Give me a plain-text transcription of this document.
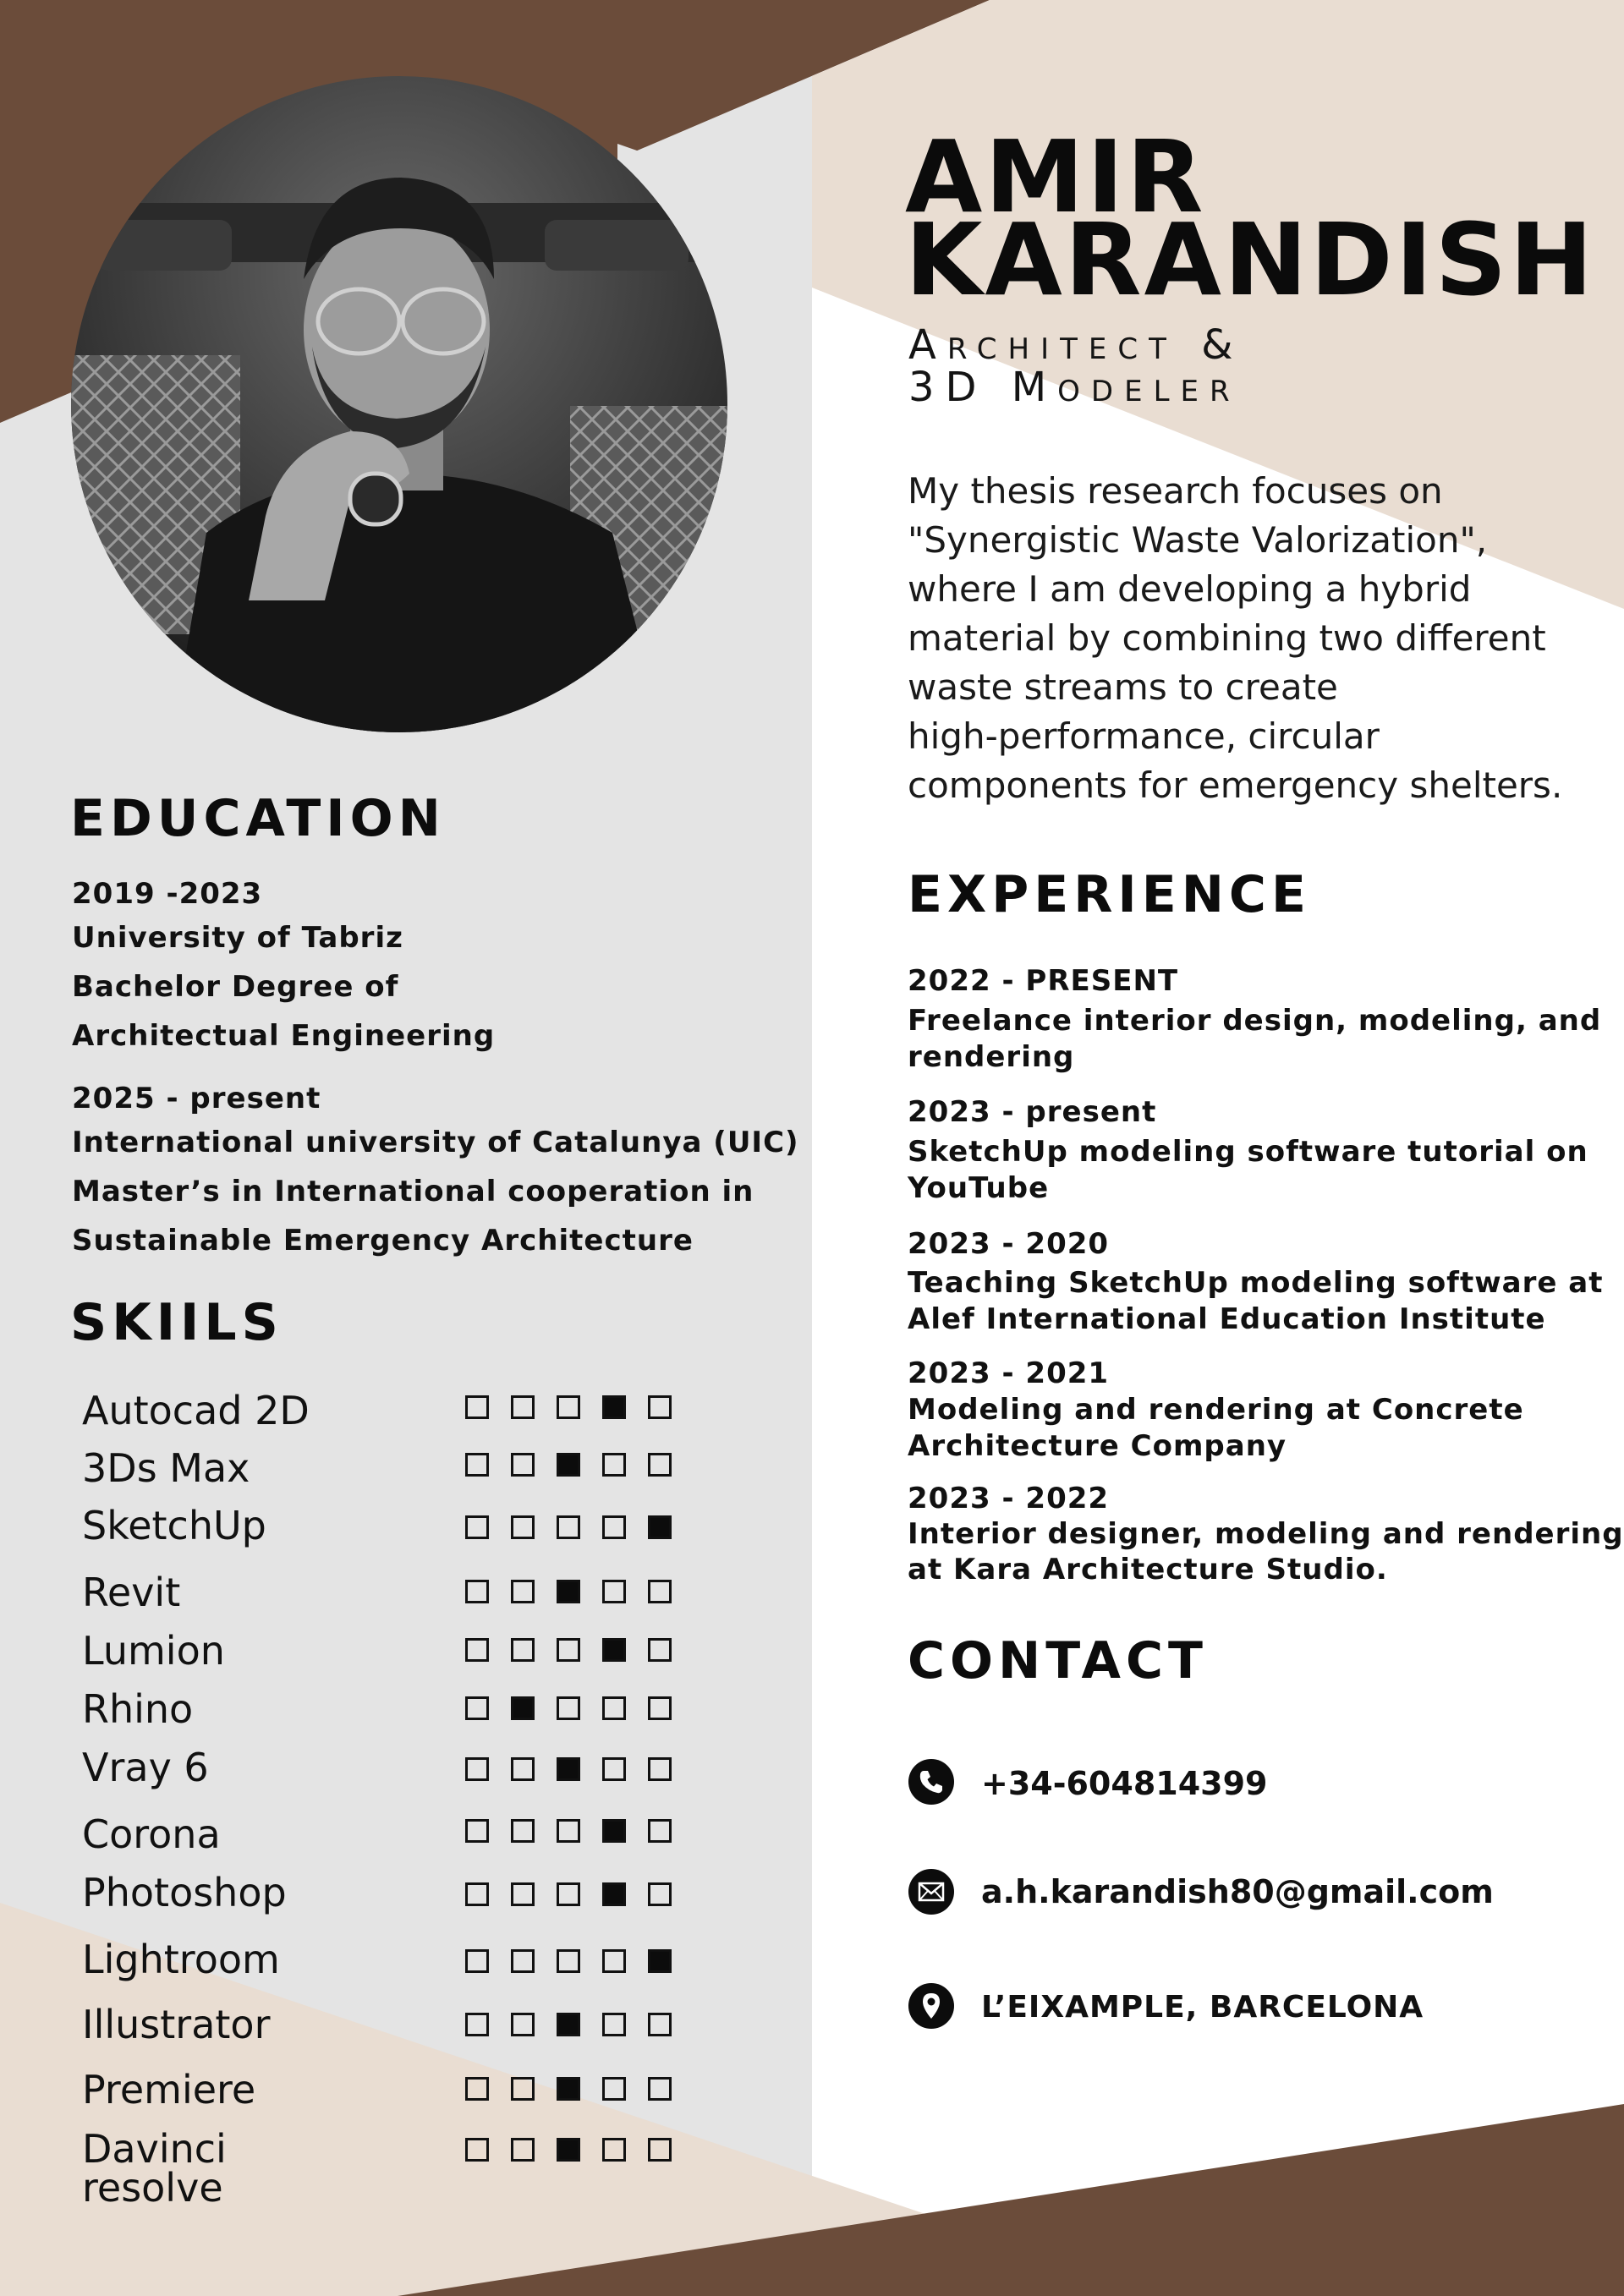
AMIR
KARANDISH
Architect &
3D Modeler
My thesis research focuses on
"Synergistic Waste Valorization",
where I am developing a hybrid
material by combining two different
waste streams to create
high-performance, circular
components for emergency shelters.
EDUCATION
2019 -2023
University of Tabriz
Bachelor Degree of
Architectual Engineering
2025 - present
International university of Catalunya (UIC)
Master’s in International cooperation in
Sustainable Emergency Architecture
SKIILS
Autocad 2D
3Ds Max
SketchUp
Revit
Lumion
Rhino
Vray 6
Corona
Photoshop
Lightroom
Illustrator
Premiere
Davinci
resolve
EXPERIENCE
2022 - PRESENT
Freelance interior design, modeling, and
rendering
2023 - present
SketchUp modeling software tutorial on
YouTube
2023 - 2020
Teaching SketchUp modeling software at
Alef International Education Institute
2023 - 2021
Modeling and rendering at Concrete
Architecture Company
2023 - 2022
Interior designer, modeling and rendering
at Kara Architecture Studio.
CONTACT
+34-604814399
a.h.karandish80@gmail.com
L’EIXAMPLE, BARCELONA
